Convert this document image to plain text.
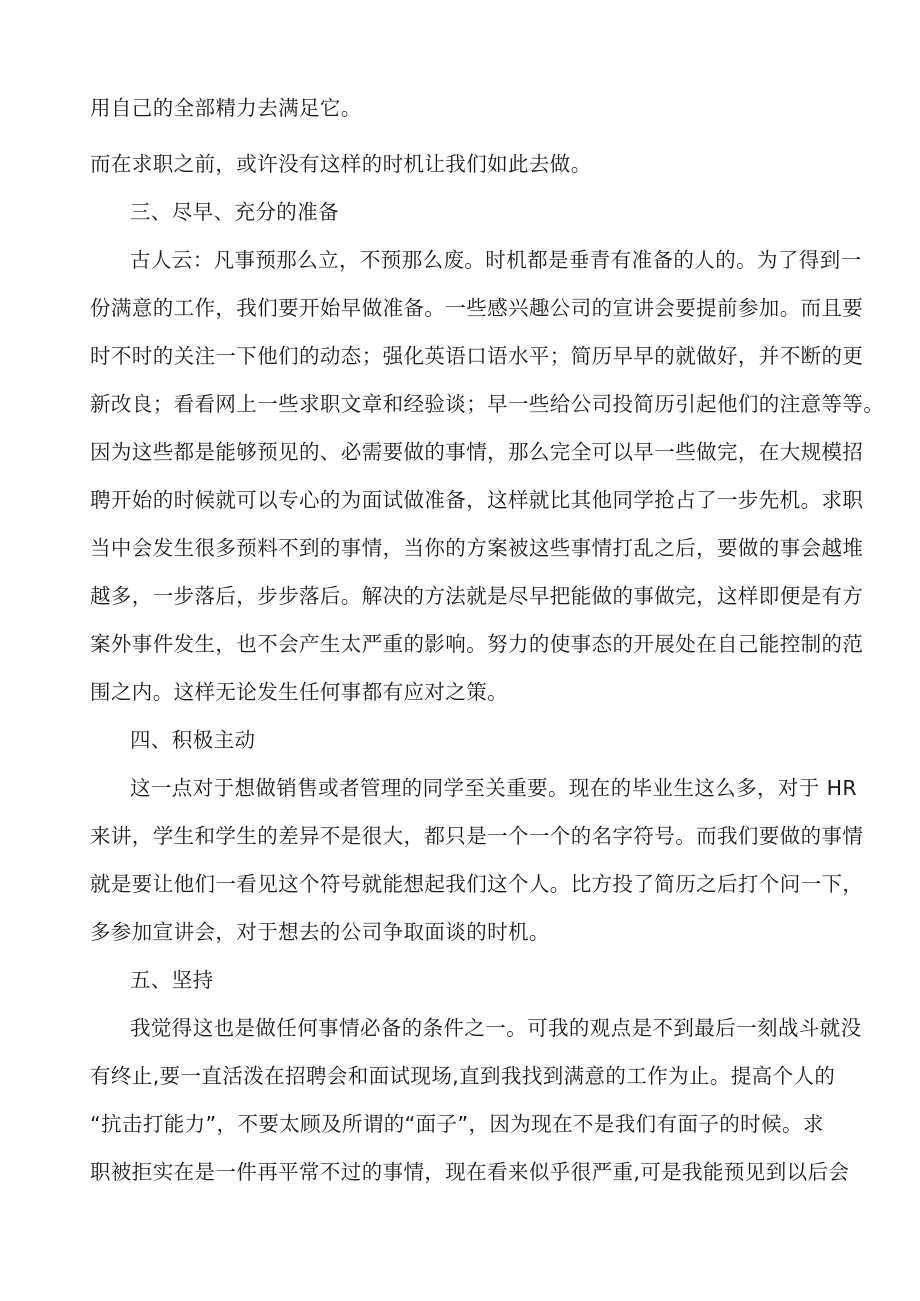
用自己的全部精力去满足它。
而在求职之前，或许没有这样的时机让我们如此去做。
三、尽早、充分的准备
古人云：凡事预那么立，不预那么废。时机都是垂青有准备的人的。为了得到一
份满意的工作，我们要开始早做准备。一些感兴趣公司的宣讲会要提前参加。而且要
时不时的关注一下他们的动态；强化英语口语水平；简历早早的就做好，并不断的更
新改良；看看网上一些求职文章和经验谈；早一些给公司投简历引起他们的注意等等。
因为这些都是能够预见的、必需要做的事情，那么完全可以早一些做完，在大规模招
聘开始的时候就可以专心的为面试做准备，这样就比其他同学抢占了一步先机。求职
当中会发生很多预料不到的事情，当你的方案被这些事情打乱之后，要做的事会越堆
越多，一步落后，步步落后。解决的方法就是尽早把能做的事做完，这样即便是有方
案外事件发生，也不会产生太严重的影响。努力的使事态的开展处在自己能控制的范
围之内。这样无论发生任何事都有应对之策。
四、积极主动
这一点对于想做销售或者管理的同学至关重要。现在的毕业生这么多，对于 HR
来讲，学生和学生的差异不是很大，都只是一个一个的名字符号。而我们要做的事情
就是要让他们一看见这个符号就能想起我们这个人。比方投了简历之后打个问一下，
多参加宣讲会，对于想去的公司争取面谈的时机。
五、坚持
我觉得这也是做任何事情必备的条件之一。可我的观点是不到最后一刻战斗就没
有终止,要一直活泼在招聘会和面试现场,直到我找到满意的工作为止。提高个人的
“抗击打能力”，不要太顾及所谓的“面子”，因为现在不是我们有面子的时候。求
职被拒实在是一件再平常不过的事情，现在看来似乎很严重,可是我能预见到以后会
